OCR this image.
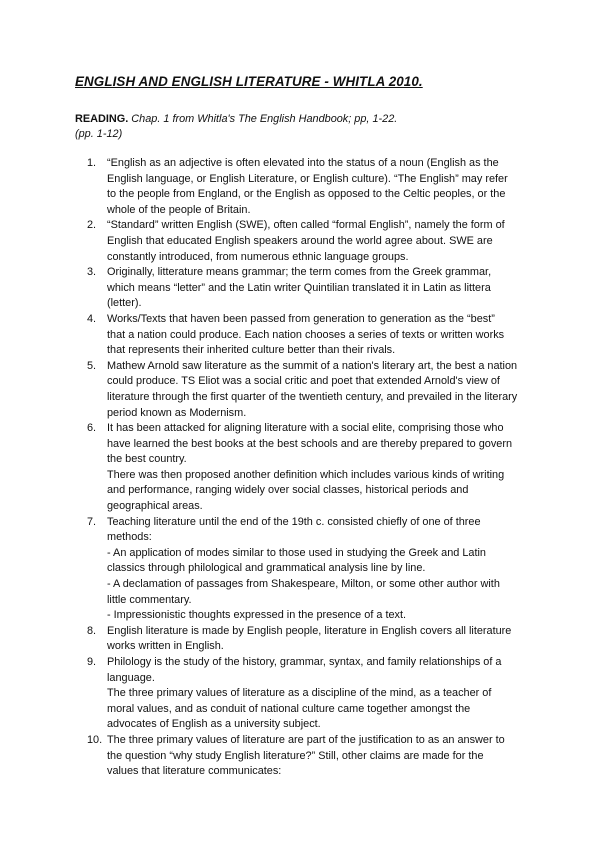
ENGLISH AND ENGLISH LITERATURE - WHITLA 2010.
READING. Chap. 1 from Whitla's The English Handbook; pp, 1-22.
(pp. 1-12)
1.	“English as an adjective is often elevated into the status of a noun (English as the
English language, or English Literature, or English culture). “The English” may refer
to the people from England, or the English as opposed to the Celtic peoples, or the
whole of the people of Britain.
2.	“Standard” written English (SWE), often called “formal English”, namely the form of
English that educated English speakers around the world agree about. SWE are
constantly introduced, from numerous ethnic language groups.
3.	Originally, litterature means grammar; the term comes from the Greek grammar,
which means “letter” and the Latin writer Quintilian translated it in Latin as littera
(letter).
4.	Works/Texts that haven been passed from generation to generation as the “best”
that a nation could produce. Each nation chooses a series of texts or written works
that represents their inherited culture better than their rivals.
5.	Mathew Arnold saw literature as the summit of a nation's literary art, the best a nation
could produce. TS Eliot was a social critic and poet that extended Arnold's view of
literature through the first quarter of the twentieth century, and prevailed in the literary
period known as Modernism.
6.	It has been attacked for aligning literature with a social elite, comprising those who
have learned the best books at the best schools and are thereby prepared to govern
the best country.
There was then proposed another definition which includes various kinds of writing
and performance, ranging widely over social classes, historical periods and
geographical areas.
7.	Teaching literature until the end of the 19th c. consisted chiefly of one of three
methods:
- An application of modes similar to those used in studying the Greek and Latin
classics through philological and grammatical analysis line by line.
- A declamation of passages from Shakespeare, Milton, or some other author with
little commentary.
- Impressionistic thoughts expressed in the presence of a text.
8.	English literature is made by English people, literature in English covers all literature
works written in English.
9.	Philology is the study of the history, grammar, syntax, and family relationships of a
language.
The three primary values of literature as a discipline of the mind, as a teacher of
moral values, and as conduit of national culture came together amongst the
advocates of English as a university subject.
10. The three primary values of literature are part of the justification to as an answer to
the question “why study English literature?” Still, other claims are made for the
values that literature communicates:
